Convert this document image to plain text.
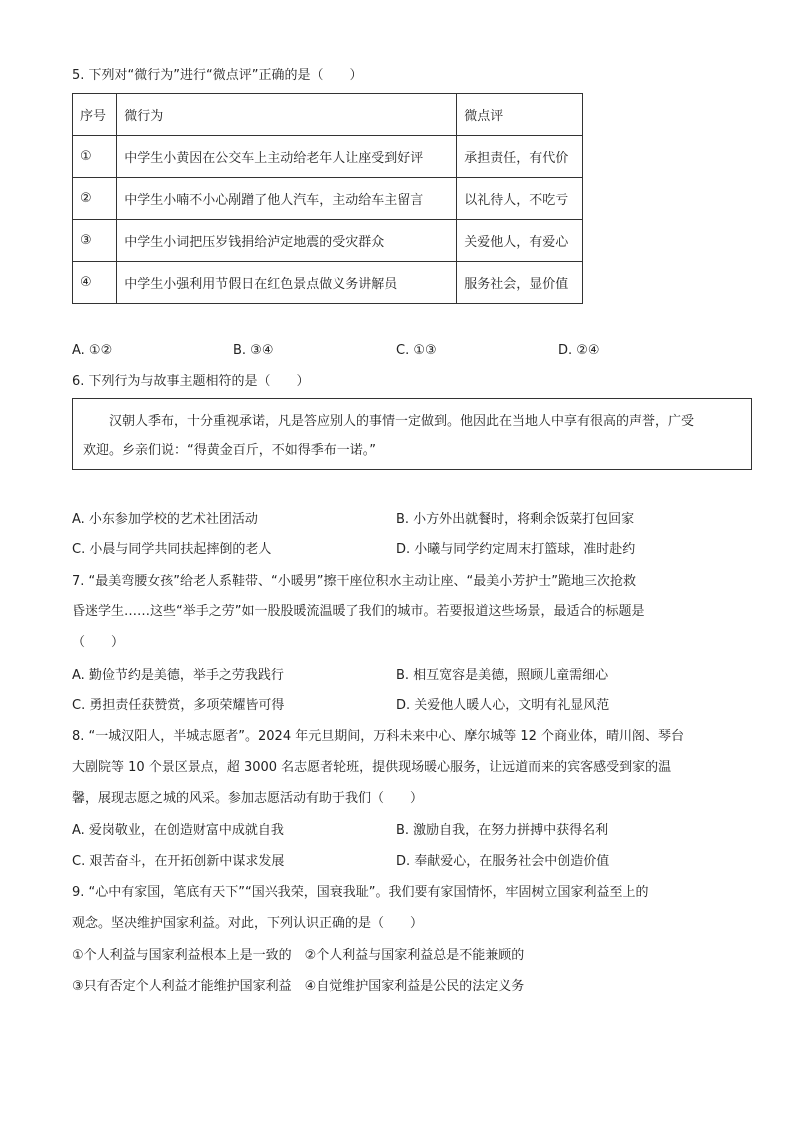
5. 下列对“微行为”进行“微点评”正确的是（　　）
序号	微行为	微点评
①	中学生小黄因在公交车上主动给老年人让座受到好评	承担责任，有代价
②	中学生小喃不小心剐蹭了他人汽车，主动给车主留言	以礼待人，不吃亏
③	中学生小词把压岁钱捐给泸定地震的受灾群众	关爱他人，有爱心
④	中学生小强利用节假日在红色景点做义务讲解员	服务社会，显价值
A. ①②	B. ③④	C. ①③	D. ②④
6. 下列行为与故事主题相符的是（　　）
汉朝人季布，十分重视承诺，凡是答应别人的事情一定做到。他因此在当地人中享有很高的声誉，广受
欢迎。乡亲们说：“得黄金百斤，不如得季布一诺。”
A. 小东参加学校的艺术社团活动	B. 小方外出就餐时，将剩余饭菜打包回家
C. 小晨与同学共同扶起摔倒的老人	D. 小曦与同学约定周末打篮球，准时赴约
7. “最美弯腰女孩”给老人系鞋带、“小暖男”擦干座位积水主动让座、“最美小芳护士”跪地三次抢救
昏迷学生……这些“举手之劳”如一股股暖流温暖了我们的城市。若要报道这些场景，最适合的标题是
（　　）
A. 勤俭节约是美德，举手之劳我践行	B. 相互宽容是美德，照顾儿童需细心
C. 勇担责任获赞赏，多项荣耀皆可得	D. 关爱他人暖人心，文明有礼显风范
8. “一城汉阳人，半城志愿者”。2024 年元旦期间，万科未来中心、摩尔城等 12 个商业体，晴川阁、琴台
大剧院等 10 个景区景点，超 3000 名志愿者轮班，提供现场暖心服务，让远道而来的宾客感受到家的温
馨，展现志愿之城的风采。参加志愿活动有助于我们（　　）
A. 爱岗敬业，在创造财富中成就自我	B. 激励自我，在努力拼搏中获得名利
C. 艰苦奋斗，在开拓创新中谋求发展	D. 奉献爱心，在服务社会中创造价值
9. “心中有家国，笔底有天下”“国兴我荣，国衰我耻”。我们要有家国情怀，牢固树立国家利益至上的
观念。坚决维护国家利益。对此，下列认识正确的是（　　）
①个人利益与国家利益根本上是一致的　②个人利益与国家利益总是不能兼顾的
③只有否定个人利益才能维护国家利益　④自觉维护国家利益是公民的法定义务
